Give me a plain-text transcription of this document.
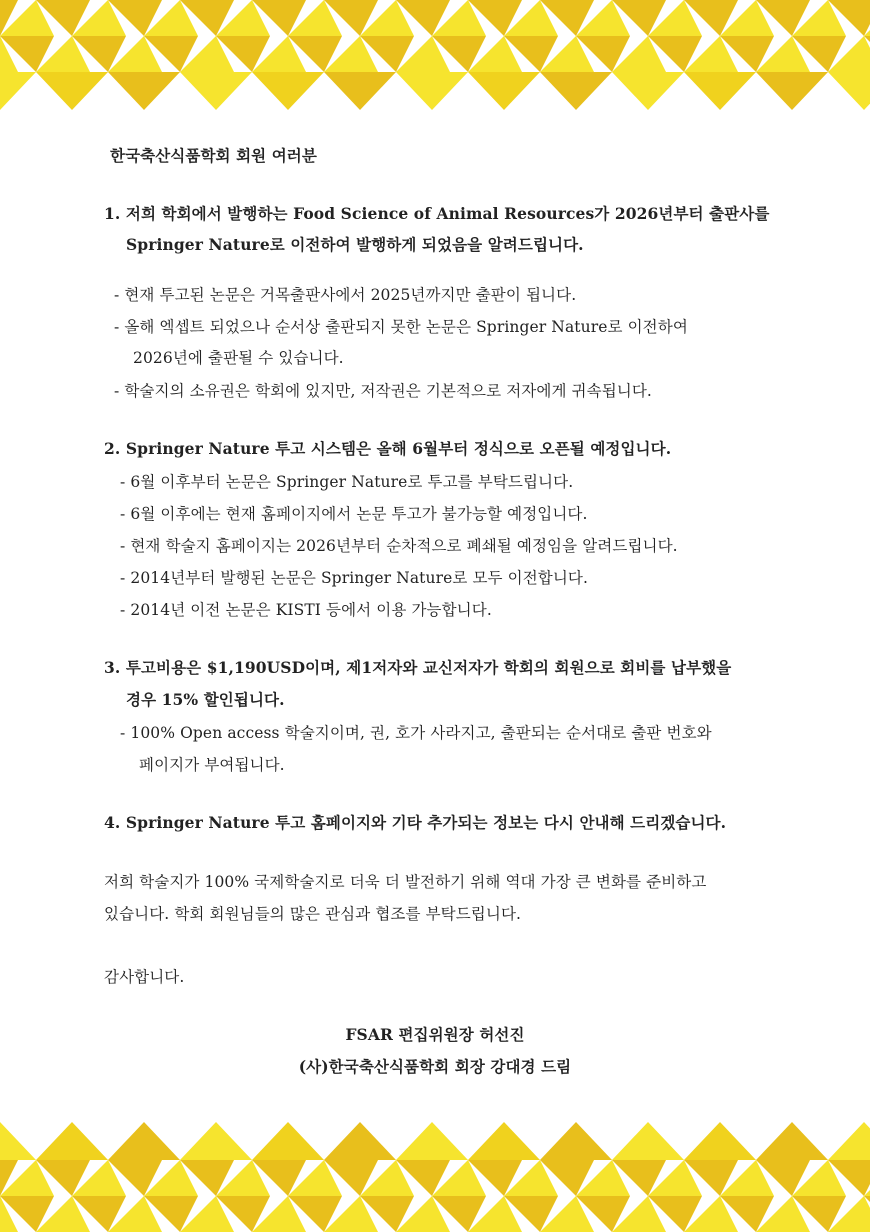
한국축산식품학회 회원 여러분
1. 저희 학회에서 발행하는 Food Science of Animal Resources가 2026년부터 출판사를
Springer Nature로 이전하여 발행하게 되었음을 알려드립니다.
- 현재 투고된 논문은 거목출판사에서 2025년까지만 출판이 됩니다.
- 올해 엑셉트 되었으나 순서상 출판되지 못한 논문은 Springer Nature로 이전하여
2026년에 출판될 수 있습니다.
- 학술지의 소유권은 학회에 있지만, 저작권은 기본적으로 저자에게 귀속됩니다.
2. Springer Nature 투고 시스템은 올해 6월부터 정식으로 오픈될 예정입니다.
- 6월 이후부터 논문은 Springer Nature로 투고를 부탁드립니다.
- 6월 이후에는 현재 홈페이지에서 논문 투고가 불가능할 예정입니다.
- 현재 학술지 홈페이지는 2026년부터 순차적으로 폐쇄될 예정임을 알려드립니다.
- 2014년부터 발행된 논문은 Springer Nature로 모두 이전합니다.
- 2014년 이전 논문은 KISTI 등에서 이용 가능합니다.
3. 투고비용은 $1,190USD이며, 제1저자와 교신저자가 학회의 회원으로 회비를 납부했을
경우 15% 할인됩니다.
- 100% Open access 학술지이며, 권, 호가 사라지고, 출판되는 순서대로 출판 번호와
페이지가 부여됩니다.
4. Springer Nature 투고 홈페이지와 기타 추가되는 정보는 다시 안내해 드리겠습니다.
저희 학술지가 100% 국제학술지로 더욱 더 발전하기 위해 역대 가장 큰 변화를 준비하고
있습니다. 학회 회원님들의 많은 관심과 협조를 부탁드립니다.
감사합니다.
FSAR 편집위원장 허선진
(사)한국축산식품학회 회장 강대경 드림
